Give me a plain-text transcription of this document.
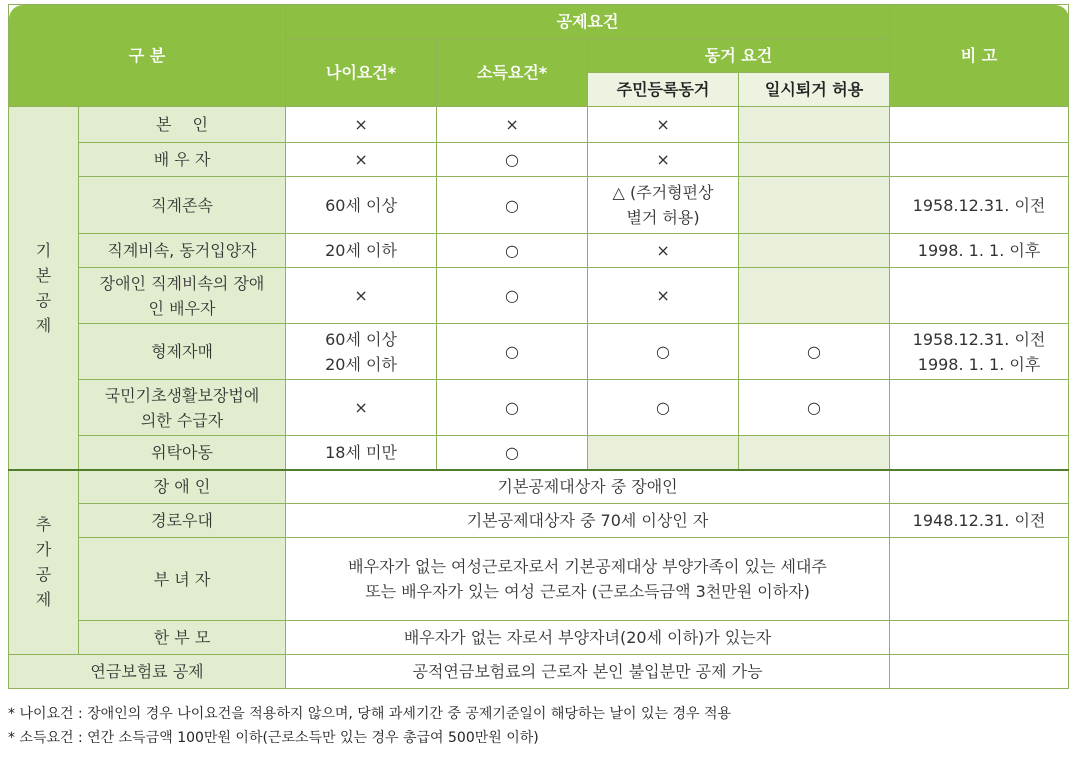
구 분		공제요건				비 고
		나이요건*	소득요건*	동거 요건		
				주민등록동거	일시퇴거 허용	

기
본
공
제	본　 인	×	×	×		
	배 우 자	×	○	×		
	직계존속	60세 이상	○	△ (주거형편상 별거 허용)		1958.12.31. 이전
	직계비속, 동거입양자	20세 이하	○	×		1998. 1. 1. 이후
	장애인 직계비속의 장애인 배우자	×	○	×		
	형제자매	60세 이상 20세 이하	○	○	○	1958.12.31. 이전 1998. 1. 1. 이후
	국민기초생활보장법에 의한 수급자	×	○	○	○	
	위탁아동	18세 미만	○			

추
가
공
제	장 애 인	기본공제대상자 중 장애인				
	경로우대	기본공제대상자 중 70세 이상인 자				1948.12.31. 이전
	부 녀 자	배우자가 없는 여성근로자로서 기본공제대상 부양가족이 있는 세대주 또는 배우자가 있는 여성 근로자 (근로소득금액 3천만원 이하자)				
	한 부 모	배우자가 없는 자로서 부양자녀(20세 이하)가 있는자				
연금보험료 공제		공적연금보험료의 근로자 본인 불입분만 공제 가능				
* 나이요건 : 장애인의 경우 나이요건을 적용하지 않으며, 당해 과세기간 중 공제기준일이 해당하는 날이 있는 경우 적용
* 소득요건 : 연간 소득금액 100만원 이하(근로소득만 있는 경우 총급여 500만원 이하)
